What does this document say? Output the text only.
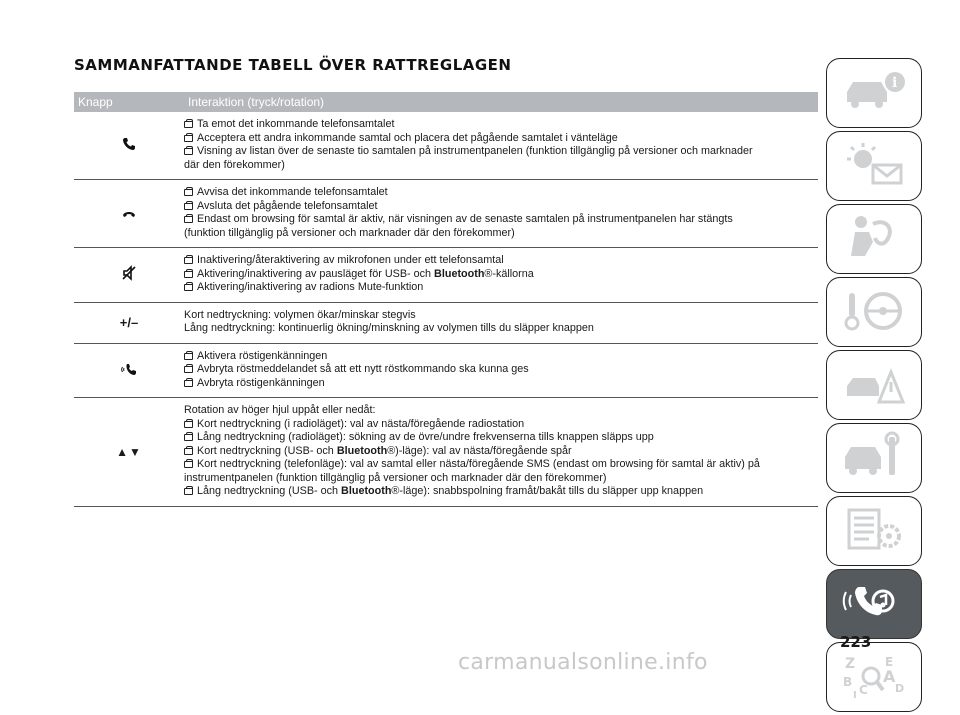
SAMMANFATTANDE TABELL ÖVER RATTREGLAGEN
Knapp	Interaktion (tryck/rotation)
Ta emot det inkommande telefonsamtalet
Acceptera ett andra inkommande samtal och placera det pågående samtalet i vänteläge
Visning av listan över de senaste tio samtalen på instrumentpanelen (funktion tillgänglig på versioner och marknader
där den förekommer)
Avvisa det inkommande telefonsamtalet
Avsluta det pågående telefonsamtalet
Endast om browsing för samtal är aktiv, när visningen av de senaste samtalen på instrumentpanelen har stängts
(funktion tillgänglig på versioner och marknader där den förekommer)
Inaktivering/återaktivering av mikrofonen under ett telefonsamtal
Aktivering/inaktivering av pausläget för USB- och Bluetooth®-källorna
Aktivering/inaktivering av radions Mute-funktion
+/–
Kort nedtryckning: volymen ökar/minskar stegvis
Lång nedtryckning: kontinuerlig ökning/minskning av volymen tills du släpper knappen
Aktivera röstigenkänningen
Avbryta röstmeddelandet så att ett nytt röstkommando ska kunna ges
Avbryta röstigenkänningen
▲▼
Rotation av höger hjul uppåt eller nedåt:
Kort nedtryckning (i radioläget): val av nästa/föregående radiostation
Lång nedtryckning (radioläget): sökning av de övre/undre frekvenserna tills knappen släpps upp
Kort nedtryckning (USB- och Bluetooth®)-läge): val av nästa/föregående spår
Kort nedtryckning (telefonläge): val av samtal eller nästa/föregående SMS (endast om browsing för samtal är aktiv) på instrumentpanelen (funktion tillgänglig på versioner och marknader där den förekommer)
Lång nedtryckning (USB- och Bluetooth®-läge): snabbspolning framåt/bakåt tills du släpper upp knappen
i
Z E
A
B
C D
I
223
carmanualsonline.info
